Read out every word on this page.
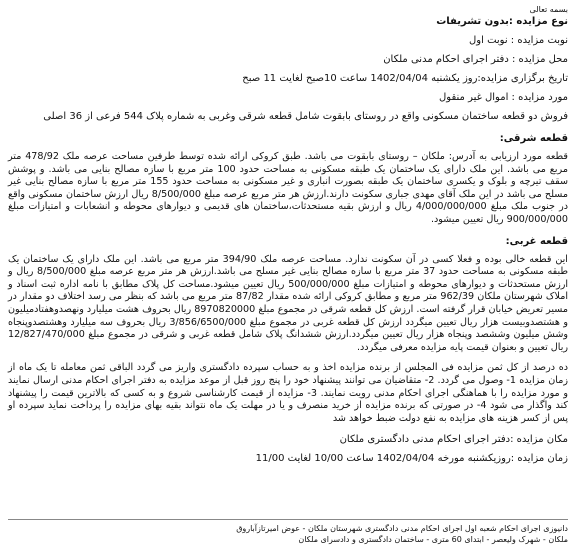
بسمه تعالی

نوع مزایده :بدون تشریفات

نوبت مزایده : نوبت اول

محل مزایده : دفتر اجرای احکام مدنی ملکان

تاریخ برگزاری مزایده:روز یکشنبه 1402/04/04 ساعت 10صبح لغایت 11 صبح

مورد مزایده : اموال غیر منقول

فروش دو قطعه ساختمان مسکونی واقع در روستای بابقوت شامل قطعه شرقی وغربی به شماره پلاک 544 فرعی از 36 اصلی

قطعه شرقی:

قطعه مورد ارزیابی به آدرس: ملکان – روستای بابقوت می باشد. طبق کروکی ارائه شده توسط طرفین مساحت عرصه ملک 478/92 متر مربع می باشد. این ملک دارای یک ساختمان یک طبقه مسکونی به مساحت حدود 100 متر مربع با سازه مصالح بنایی می باشد. و پوشش سقف تیرچه و بلوک و یکسری ساختمان یک طبقه بصورت انباری و غیر مسکونی به مساحت حدود 155 متر مربع با سازه مصالح بنایی غیر مسلح می باشد در این ملک آقای مهدی جباری سکونت دارند.ارزش هر متر مربع عرصه مبلغ 8/500/000 ریال ارزش ساختمان مسکونی واقع در جنوب ملک مبلغ 4/000/000/000 ریال و ارزش بقیه مستحدثات،ساختمان های قدیمی و دیوارهای محوطه و انشعابات و امتیازات مبلغ 900/000/000 ریال تعیین میشود.

قطعه غربی:

این قطعه خالی بوده و فعلا کسی در آن سکونت ندارد. مساحت عرصه ملک 394/90 متر مربع می باشد. این ملک دارای یک ساختمان یک طبقه مسکونی به مساحت حدود 37 متر مربع با سازه مصالح بنایی غیر مسلح می باشد.ارزش هر متر مربع عرصه مبلغ 8/500/000 ریال و ارزش مستحدثات و دیوارهای محوطه و امتیازات مبلغ 500/000/000 ریال تعیین میشود.مساحت کل پلاک مطابق با نامه اداره ثبت اسناد و املاک شهرستان ملکان 962/39 متر مربع و مطابق کروکی ارائه شده مقدار 87/82 متر مربع می باشد که بنظر می رسد اختلاف دو مقدار در مسیر تعریض خیابان قرار گرفته است. ارزش کل قطعه شرقی در مجموع مبلغ 8970820000 ریال بحروف هشت میلیارد ونهصدوهفتادمیلیون و هشتصدوبیست هزار ریال تعیین میگردد ارزش کل قطعه غربی در مجموع مبلغ 3/856/6500/000 ریال بحروف سه میلیارد وهشتصدوپنجاه وشش میلیون وششصد وپنجاه هزار ریال تعیین میگردد.ارزش ششدانگ پلاک شامل قطعه غربی و شرقی در مجموع مبلغ 12/827/470/000 ریال تعیین و بعنوان قیمت پایه مزایده معرفی میگردد.

ده درصد از کل ثمن مزایده فی المجلس از برنده مزایده اخذ و به حساب سپرده دادگستری واریز می گردد الباقی ثمن معامله تا یک ماه از زمان مزایده 1- وصول می گردد. 2- متقاضیان می توانند پیشنهاد خود را پنج روز قبل از موعد مزایده به دفتر اجرای احکام مدنی ارسال نمایند و مورد مزایده را با هماهنگی اجرای احکام مدنی رویت نمایند. 3- مزایده از قیمت کارشناسی شروع و به کسی که بالاترین قیمت را پیشنهاد کند واگذار می شود 4- در صورتی که برنده مزایده از خرید منصرف و یا در مهلت یک ماه نتواند بقیه بهای مزایده را پرداخت نماید سپرده او پس از کسر هزینه های مزایده به نفع دولت ضبط خواهد شد

مکان مزایده :دفتر اجرای احکام مدنی دادگستری ملکان

زمان مزایده :روزیکشنبه مورخه 1402/04/04 ساعت 10/00 لغایت 11/00

دانیوزی اجرای احکام شعبه اول اجرای احکام مدنی دادگستری شهرستان ملکان - عوض امیرتازآباروق
ملکان - شهرک ولیعصر - ابتدای 60 متری - ساختمان دادگستری و دادسرای ملکان
